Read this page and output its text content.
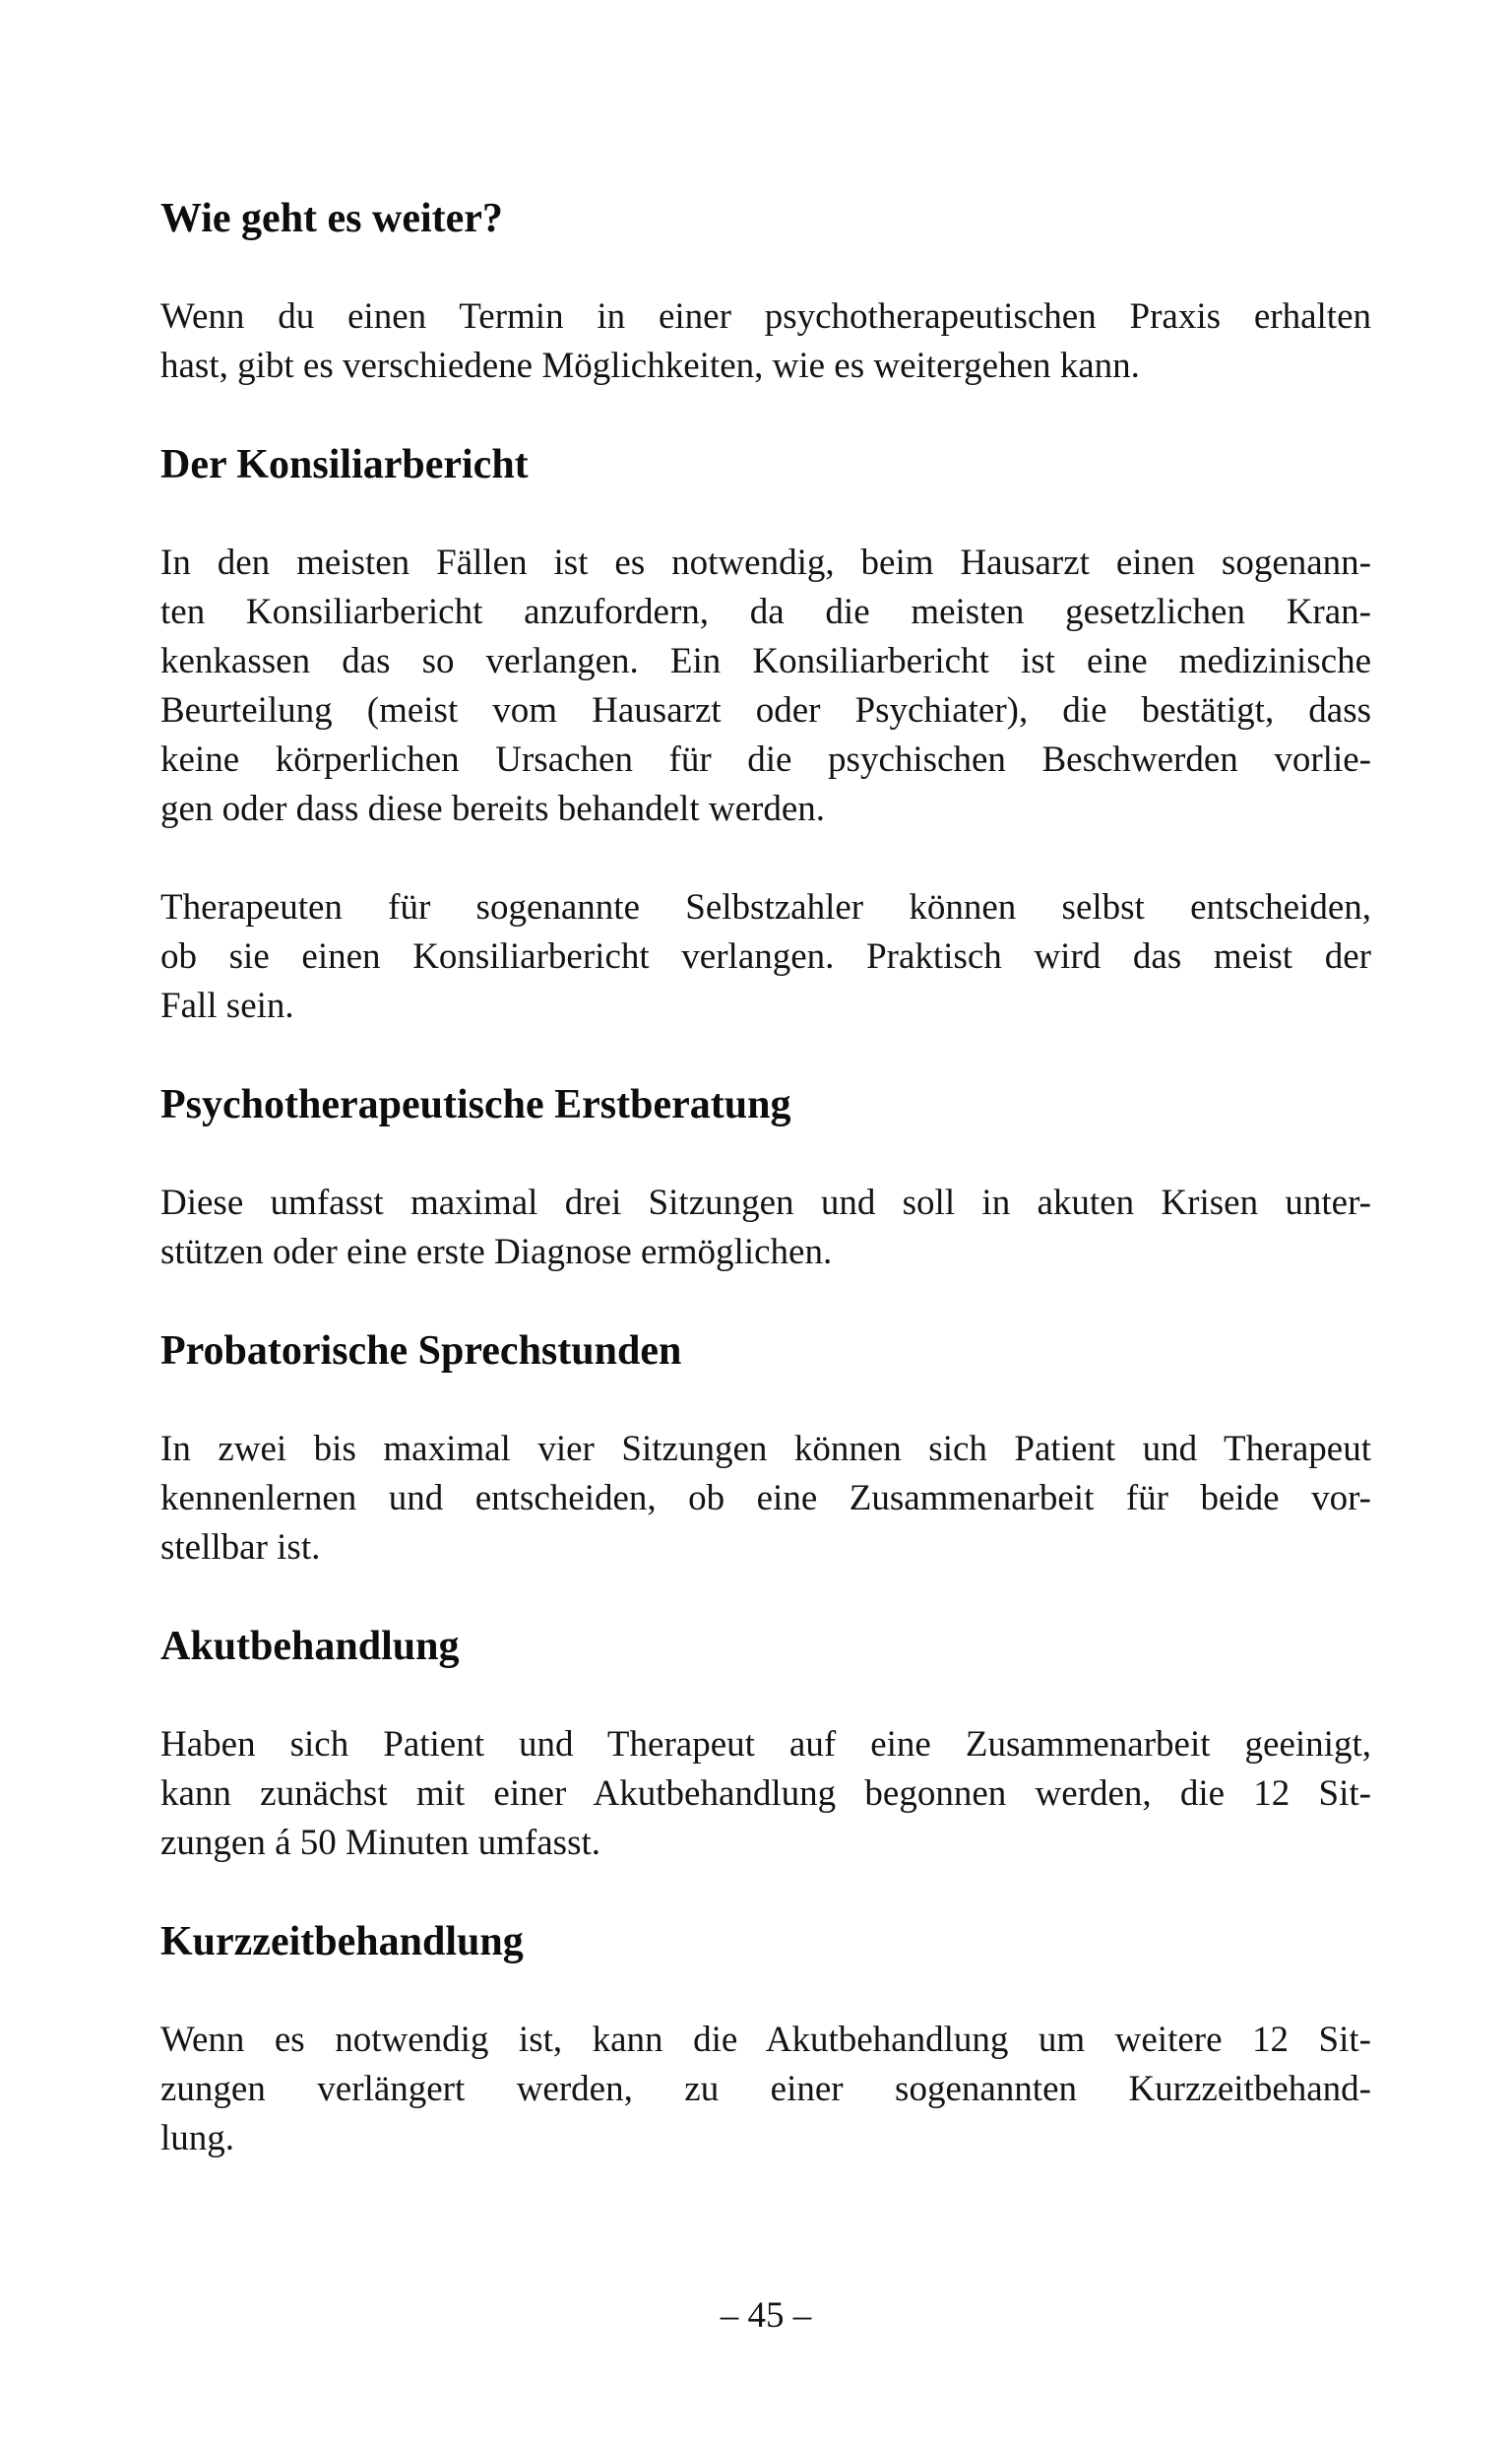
Wie geht es weiter?
Wenn du einen Termin in einer psychotherapeutischen Praxis erhalten
hast, gibt es verschiedene Möglichkeiten, wie es weitergehen kann.
Der Konsiliarbericht
In den meisten Fällen ist es notwendig, beim Hausarzt einen sogenann-
ten Konsiliarbericht anzufordern, da die meisten gesetzlichen Kran-
kenkassen das so verlangen. Ein Konsiliarbericht ist eine medizinische
Beurteilung (meist vom Hausarzt oder Psychiater), die bestätigt, dass
keine körperlichen Ursachen für die psychischen Beschwerden vorlie-
gen oder dass diese bereits behandelt werden.
Therapeuten für sogenannte Selbstzahler können selbst entscheiden,
ob sie einen Konsiliarbericht verlangen. Praktisch wird das meist der
Fall sein.
Psychotherapeutische Erstberatung
Diese umfasst maximal drei Sitzungen und soll in akuten Krisen unter-
stützen oder eine erste Diagnose ermöglichen.
Probatorische Sprechstunden
In zwei bis maximal vier Sitzungen können sich Patient und Therapeut
kennenlernen und entscheiden, ob eine Zusammenarbeit für beide vor-
stellbar ist.
Akutbehandlung
Haben sich Patient und Therapeut auf eine Zusammenarbeit geeinigt,
kann zunächst mit einer Akutbehandlung begonnen werden, die 12 Sit-
zungen á 50 Minuten umfasst.
Kurzzeitbehandlung
Wenn es notwendig ist, kann die Akutbehandlung um weitere 12 Sit-
zungen verlängert werden, zu einer sogenannten Kurzzeitbehand-
lung.
– 45 –
